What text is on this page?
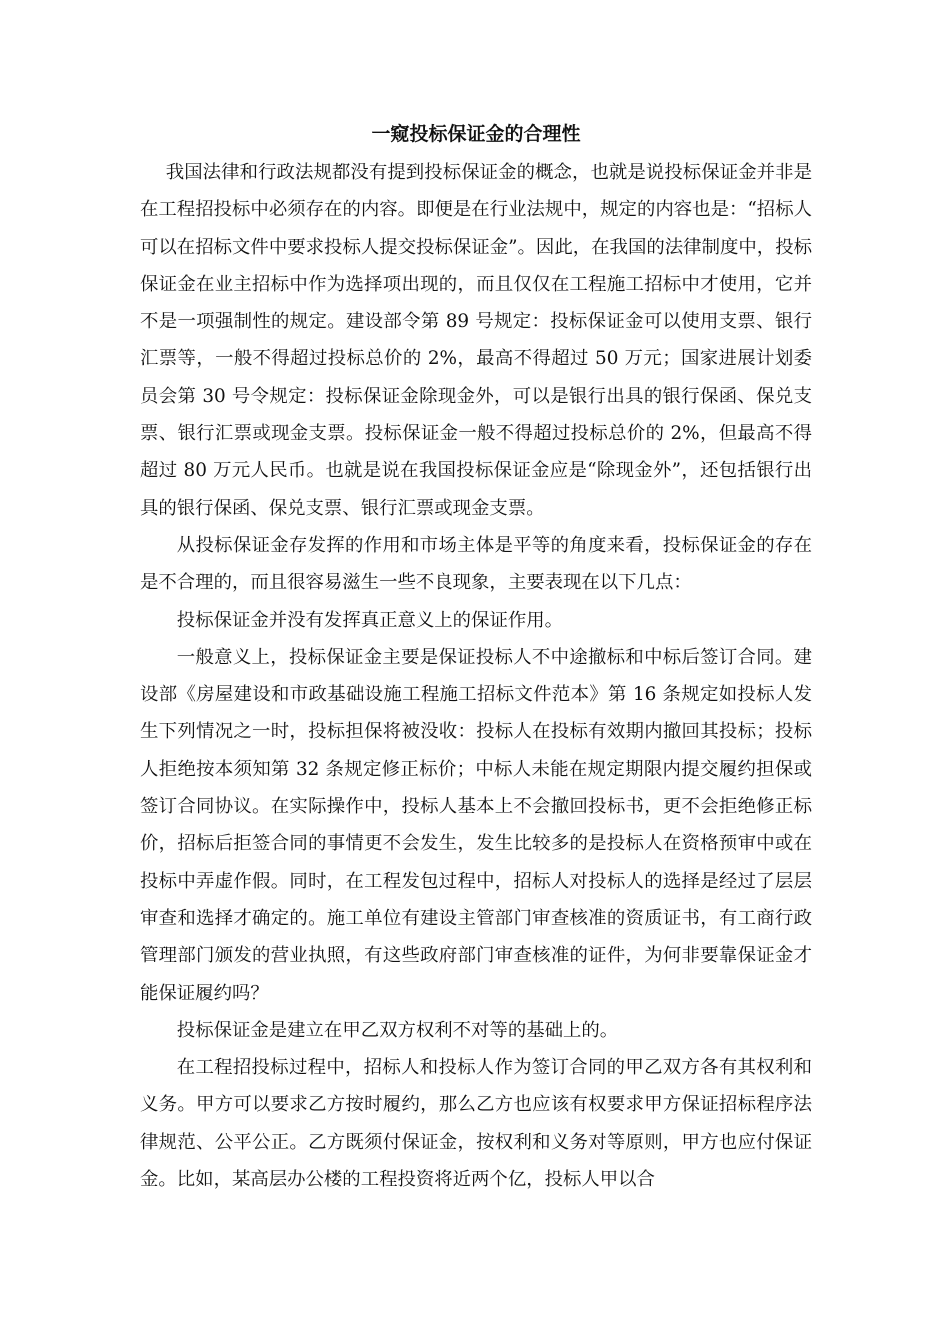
一窥投标保证金的合理性

我国法律和行政法规都没有提到投标保证金的概念，也就是说投标保证金并非是在工程招投标中必须存在的内容。即便是在行业法规中，规定的内容也是：“招标人可以在招标文件中要求投标人提交投标保证金”。因此，在我国的法律制度中，投标保证金在业主招标中作为选择项出现的，而且仅仅在工程施工招标中才使用，它并不是一项强制性的规定。建设部令第 89 号规定：投标保证金可以使用支票、银行汇票等，一般不得超过投标总价的 2%，最高不得超过 50 万元；国家进展计划委员会第 30 号令规定：投标保证金除现金外，可以是银行出具的银行保函、保兑支票、银行汇票或现金支票。投标保证金一般不得超过投标总价的 2%，但最高不得超过 80 万元人民币。也就是说在我国投标保证金应是“除现金外”，还包括银行出具的银行保函、保兑支票、银行汇票或现金支票。

从投标保证金存发挥的作用和市场主体是平等的角度来看，投标保证金的存在是不合理的，而且很容易滋生一些不良现象，主要表现在以下几点：

投标保证金并没有发挥真正意义上的保证作用。

一般意义上，投标保证金主要是保证投标人不中途撤标和中标后签订合同。建设部《房屋建设和市政基础设施工程施工招标文件范本》第 16 条规定如投标人发生下列情况之一时，投标担保将被没收：投标人在投标有效期内撤回其投标；投标人拒绝按本须知第 32 条规定修正标价；中标人未能在规定期限内提交履约担保或签订合同协议。在实际操作中，投标人基本上不会撤回投标书，更不会拒绝修正标价，招标后拒签合同的事情更不会发生，发生比较多的是投标人在资格预审中或在投标中弄虚作假。同时，在工程发包过程中，招标人对投标人的选择是经过了层层审查和选择才确定的。施工单位有建设主管部门审查核准的资质证书，有工商行政管理部门颁发的营业执照，有这些政府部门审查核准的证件，为何非要靠保证金才能保证履约吗？

投标保证金是建立在甲乙双方权利不对等的基础上的。

在工程招投标过程中，招标人和投标人作为签订合同的甲乙双方各有其权利和义务。甲方可以要求乙方按时履约，那么乙方也应该有权要求甲方保证招标程序法律规范、公平公正。乙方既须付保证金，按权利和义务对等原则，甲方也应付保证金。比如，某高层办公楼的工程投资将近两个亿，投标人甲以合
